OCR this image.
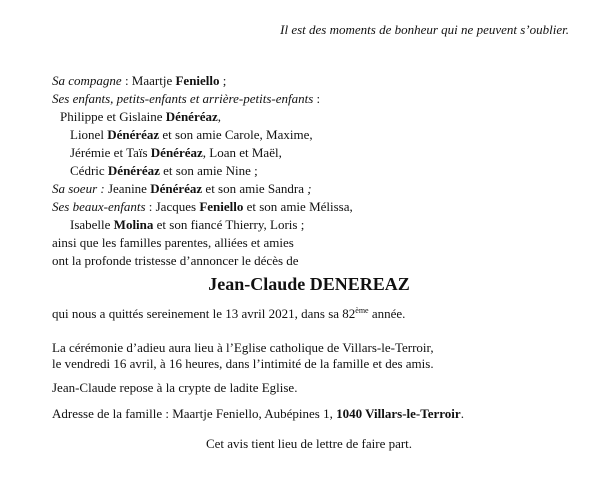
Il est des moments de bonheur qui ne peuvent s’oublier.
Sa compagne : Maartje Feniello ;
Ses enfants, petits-enfants et arrière-petits-enfants :
Philippe et Gislaine Dénéréaz,
Lionel Dénéréaz et son amie Carole, Maxime,
Jérémie et Taïs Dénéréaz, Loan et Maël,
Cédric Dénéréaz et son amie Nine ;
Sa soeur : Jeanine Dénéréaz et son amie Sandra ;
Ses beaux-enfants : Jacques Feniello et son amie Mélissa,
Isabelle Molina et son fiancé Thierry, Loris ;
ainsi que les familles parentes, alliées et amies
ont la profonde tristesse d’annoncer le décès de
Jean-Claude DENEREAZ
qui nous a quittés sereinement le 13 avril 2021, dans sa 82ème année.
La cérémonie d’adieu aura lieu à l’Eglise catholique de Villars-le-Terroir,
le vendredi 16 avril, à 16 heures, dans l’intimité de la famille et des amis.
Jean-Claude repose à la crypte de ladite Eglise.
Adresse de la famille : Maartje Feniello, Aubépines 1, 1040 Villars-le-Terroir.
Cet avis tient lieu de lettre de faire part.
